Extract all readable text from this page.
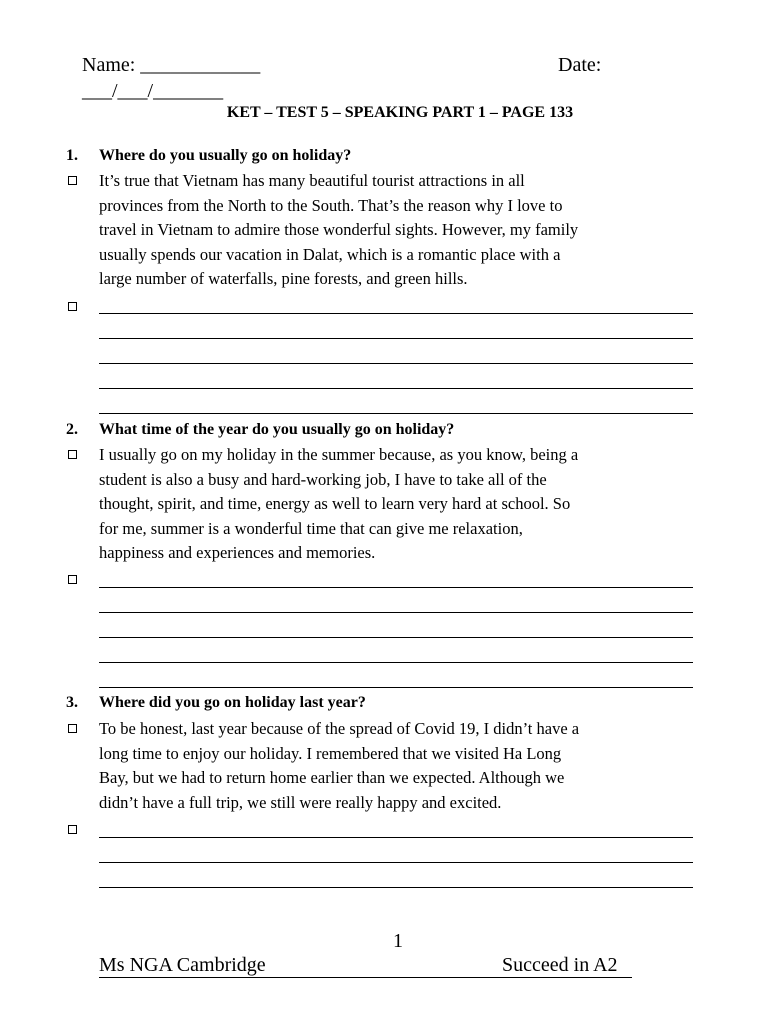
Name: ____________	Date:
___/___/_______
KET – TEST 5 – SPEAKING PART 1 – PAGE 133
1. Where do you usually go on holiday?
It’s true that Vietnam has many beautiful tourist attractions in all
provinces from the North to the South. That’s the reason why I love to
travel in Vietnam to admire those wonderful sights. However, my family
usually spends our vacation in Dalat, which is a romantic place with a
large number of waterfalls, pine forests, and green hills.
2. What time of the year do you usually go on holiday?
I usually go on my holiday in the summer because, as you know, being a
student is also a busy and hard-working job, I have to take all of the
thought, spirit, and time, energy as well to learn very hard at school. So
for me, summer is a wonderful time that can give me relaxation,
happiness and experiences and memories.
3. Where did you go on holiday last year?
To be honest, last year because of the spread of Covid 19, I didn’t have a
long time to enjoy our holiday. I remembered that we visited Ha Long
Bay, but we had to return home earlier than we expected. Although we
didn’t have a full trip, we still were really happy and excited.
1
Ms NGA Cambridge	Succeed in A2
